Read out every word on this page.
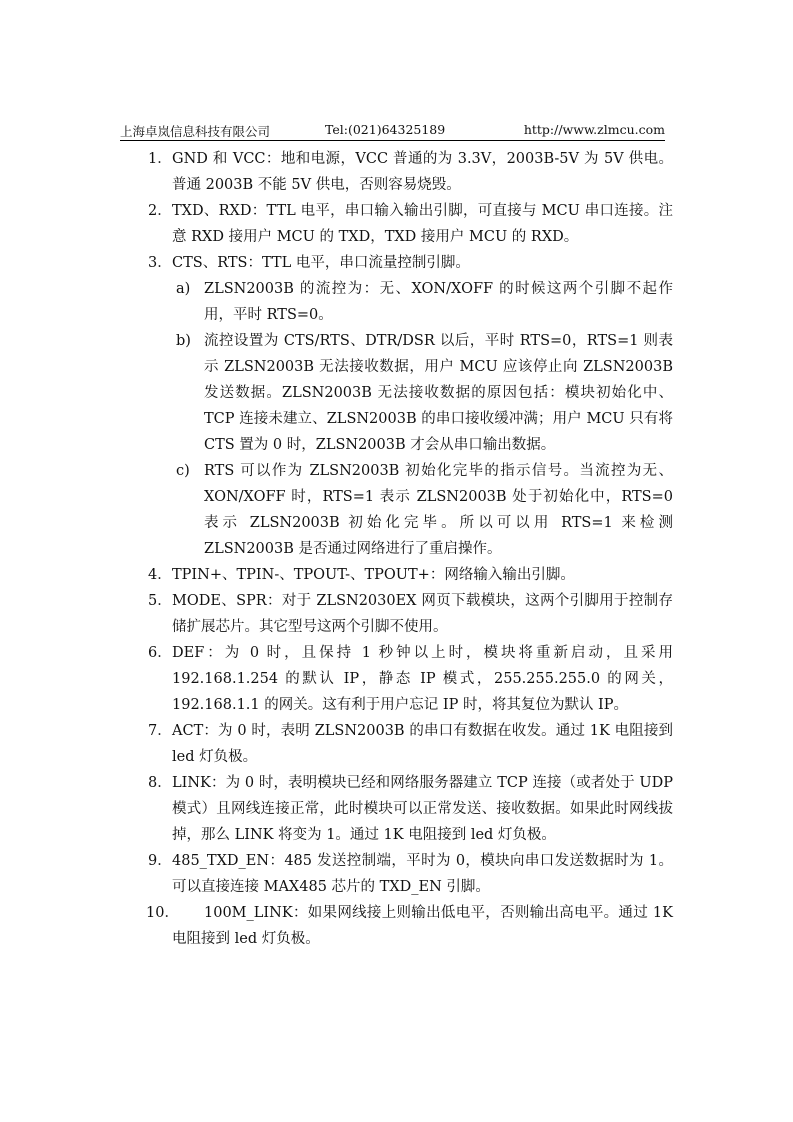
上海卓岚信息科技有限公司	Tel:(021)64325189	http://www.zlmcu.com
1． GND 和 VCC：地和电源，VCC 普通的为 3.3V，2003B-5V 为 5V 供电。普通 2003B 不能 5V 供电，否则容易烧毁。
2． TXD、RXD：TTL 电平，串口输入输出引脚，可直接与 MCU 串口连接。注意 RXD 接用户 MCU 的 TXD，TXD 接用户 MCU 的 RXD。
3． CTS、RTS：TTL 电平，串口流量控制引脚。
a) ZLSN2003B 的流控为：无、XON/XOFF 的时候这两个引脚不起作用，平时 RTS=0。
b) 流控设置为 CTS/RTS、DTR/DSR 以后，平时 RTS=0，RTS=1 则表示 ZLSN2003B 无法接收数据，用户 MCU 应该停止向 ZLSN2003B 发送数据。ZLSN2003B 无法接收数据的原因包括：模块初始化中、TCP 连接未建立、ZLSN2003B 的串口接收缓冲满；用户 MCU 只有将 CTS 置为 0 时，ZLSN2003B 才会从串口输出数据。
c) RTS 可以作为 ZLSN2003B 初始化完毕的指示信号。当流控为无、XON/XOFF 时，RTS=1 表示 ZLSN2003B 处于初始化中，RTS=0 表示 ZLSN2003B 初始化完毕。所以可以用 RTS=1 来检测 ZLSN2003B 是否通过网络进行了重启操作。
4． TPIN+、TPIN-、TPOUT-、TPOUT+：网络输入输出引脚。
5． MODE、SPR：对于 ZLSN2030EX 网页下载模块，这两个引脚用于控制存储扩展芯片。其它型号这两个引脚不使用。
6． DEF：为 0 时，且保持 1 秒钟以上时，模块将重新启动，且采用 192.168.1.254 的默认 IP，静态 IP 模式，255.255.255.0 的网关，192.168.1.1 的网关。这有利于用户忘记 IP 时，将其复位为默认 IP。
7． ACT：为 0 时，表明 ZLSN2003B 的串口有数据在收发。通过 1K 电阻接到 led 灯负极。
8． LINK：为 0 时，表明模块已经和网络服务器建立 TCP 连接（或者处于 UDP 模式）且网线连接正常，此时模块可以正常发送、接收数据。如果此时网线拔掉，那么 LINK 将变为 1。通过 1K 电阻接到 led 灯负极。
9． 485_TXD_EN：485 发送控制端，平时为 0，模块向串口发送数据时为 1。可以直接连接 MAX485 芯片的 TXD_EN 引脚。
10．	100M_LINK：如果网线接上则输出低电平，否则输出高电平。通过 1K 电阻接到 led 灯负极。
